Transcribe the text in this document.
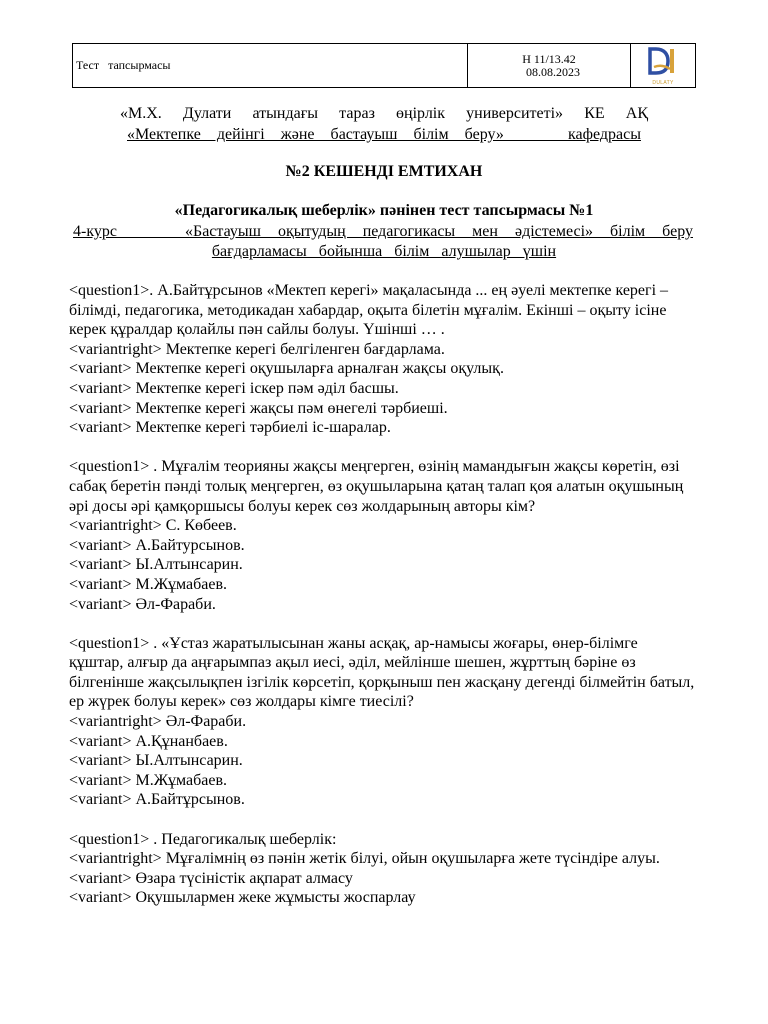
Тест   тапсырмасы	Н 11/13.42
08.08.2023
DULATY
«М.Х. Дулати атындағы тараз өңірлік университеті» КЕ АҚ
«Мектепке дейінгі және бастауыш білім беру»    кафедрасы
№2 КЕШЕНДІ ЕМТИХАН
«Педагогикалық шеберлік» пәнінен тест тапсырмасы №1
4-курс    «Бастауыш оқытудың педагогикасы мен әдістемесі» білім беру
бағдарламасы   бойынша   білім   алушылар   үшін

<question1>. А.Байтұрсынов «Мектеп керегі» мақаласында ... ең әуелі мектепке керегі – білімді, педагогика, методикадан хабардар, оқыта білетін мұғалім. Екінші – оқыту ісіне керек құралдар қолайлы пән сайлы болуы. Үшінші … .

<variantright> Мектепке керегі белгіленген бағдарлама.

<variant> Мектепке керегі оқушыларға арналған жақсы оқулық.

<variant> Мектепке керегі іскер пәм әділ басшы.

<variant> Мектепке керегі жақсы пәм өнегелі тәрбиеші.

<variant> Мектепке керегі тәрбиелі іс-шаралар.

<question1> . Мұғалім теорияны жақсы меңгерген, өзінің мамандығын жақсы көретін, өзі сабақ беретін пәнді толық меңгерген, өз оқушыларына қатаң талап қоя алатын оқушының әрі досы әрі қамқоршысы болуы керек сөз жолдарының авторы кім?

<variantright> С. Көбеев.

<variant> А.Байтурсынов.

<variant> Ы.Алтынсарин.

<variant> М.Жұмабаев.

<variant> Әл-Фараби.

<question1> . «Ұстаз жаратылысынан жаны асқақ, ар-намысы жоғары, өнер-білімге құштар, алғыр да аңғарымпаз ақыл иесі, әділ, мейлінше шешен, жұрттың бәріне өз білгенінше жақсылықпен ізгілік көрсетіп, қорқыныш пен жасқану дегенді білмейтін батыл, ер жүрек болуы керек» сөз жолдары кімге тиесілі?

<variantright> Әл-Фараби.

<variant> А.Құнанбаев.

<variant> Ы.Алтынсарин.

<variant> М.Жұмабаев.

<variant> А.Байтұрсынов.

<question1> . Педагогикалық шеберлік:

<variantright> Мұғалімнің өз пәнін жетік білуі, ойын оқушыларға жете түсіндіре алуы.

<variant> Өзара түсіністік ақпарат алмасу

<variant> Оқушылармен жеке жұмысты жоспарлау
